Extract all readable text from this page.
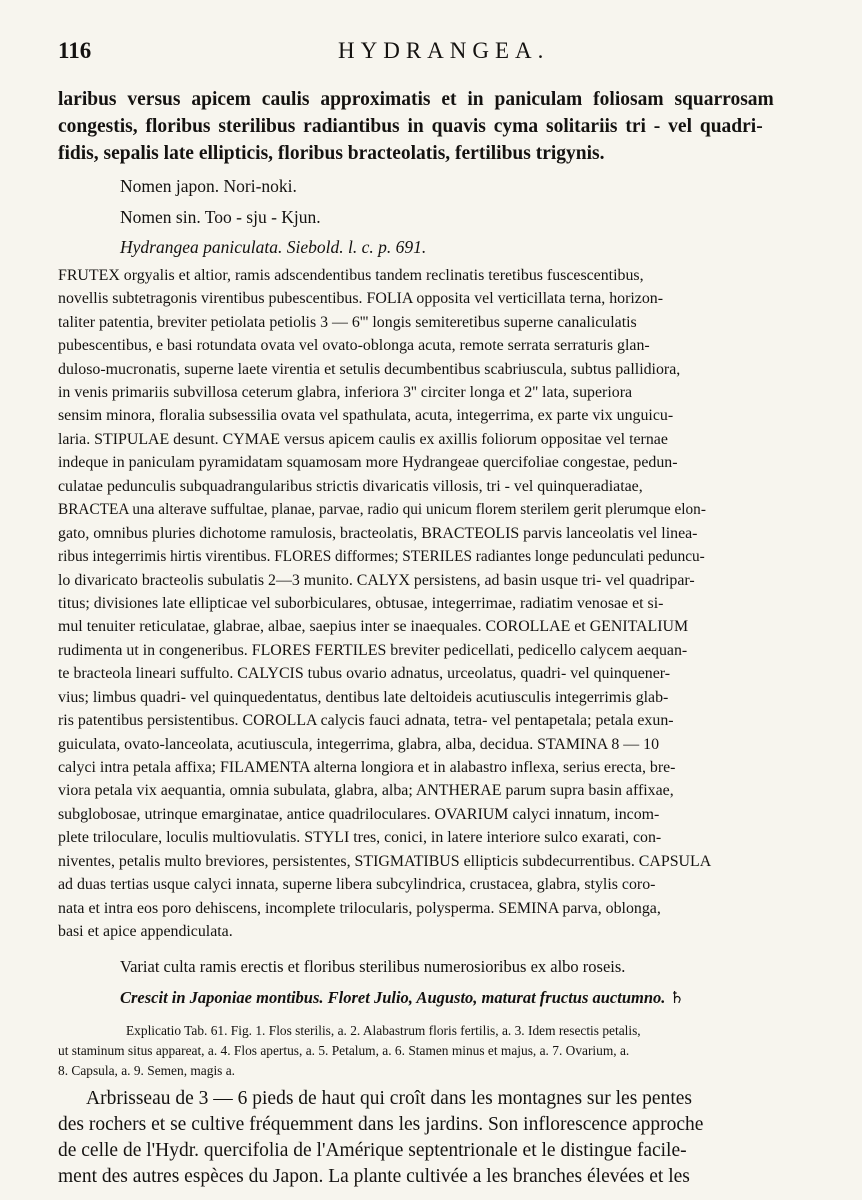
116	HYDRANGEA.
laribus versus apicem caulis approximatis et in paniculam foliosam squarrosam
congestis, floribus sterilibus radiantibus in quavis cyma solitariis tri - vel quadri-
fidis, sepalis late ellipticis, floribus bracteolatis, fertilibus trigynis.
Nomen japon. Nori-noki.
Nomen sin. Too - sju - Kjun.
Hydrangea paniculata. Siebold. l. c. p. 691.
FRUTEX orgyalis et altior, ramis adscendentibus tandem reclinatis teretibus fuscescentibus,
novellis subtetragonis virentibus pubescentibus. FOLIA opposita vel verticillata terna, horizon-
taliter patentia, breviter petiolata petiolis 3 — 6''' longis semiteretibus superne canaliculatis
pubescentibus, e basi rotundata ovata vel ovato-oblonga acuta, remote serrata serraturis glan-
duloso-mucronatis, superne laete virentia et setulis decumbentibus scabriuscula, subtus pallidiora,
in venis primariis subvillosa ceterum glabra, inferiora 3'' circiter longa et 2'' lata, superiora
sensim minora, floralia subsessilia ovata vel spathulata, acuta, integerrima, ex parte vix unguicu-
laria. STIPULAE desunt. CYMAE versus apicem caulis ex axillis foliorum oppositae vel ternae
indeque in paniculam pyramidatam squamosam more Hydrangeae quercifoliae congestae, pedun-
culatae pedunculis subquadrangularibus strictis divaricatis villosis, tri - vel quinqueradiatae,
BRACTEA una alterave suffultae, planae, parvae, radio qui unicum florem sterilem gerit plerumque elon-
gato, omnibus pluries dichotome ramulosis, bracteolatis, BRACTEOLIS parvis lanceolatis vel linea-
ribus integerrimis hirtis virentibus. FLORES difformes; STERILES radiantes longe pedunculati peduncu-
lo divaricato bracteolis subulatis 2—3 munito. CALYX persistens, ad basin usque tri- vel quadripar-
titus; divisiones late ellipticae vel suborbiculares, obtusae, integerrimae, radiatim venosae et si-
mul tenuiter reticulatae, glabrae, albae, saepius inter se inaequales. COROLLAE et GENITALIUM
rudimenta ut in congeneribus. FLORES FERTILES breviter pedicellati, pedicello calycem aequan-
te bracteola lineari suffulto. CALYCIS tubus ovario adnatus, urceolatus, quadri- vel quinquener-
vius; limbus quadri- vel quinquedentatus, dentibus late deltoideis acutiusculis integerrimis glab-
ris patentibus persistentibus. COROLLA calycis fauci adnata, tetra- vel pentapetala; petala exun-
guiculata, ovato-lanceolata, acutiuscula, integerrima, glabra, alba, decidua. STAMINA 8 — 10
calyci intra petala affixa; FILAMENTA alterna longiora et in alabastro inflexa, serius erecta, bre-
viora petala vix aequantia, omnia subulata, glabra, alba; ANTHERAE parum supra basin affixae,
subglobosae, utrinque emarginatae, antice quadriloculares. OVARIUM calyci innatum, incom-
plete triloculare, loculis multiovulatis. STYLI tres, conici, in latere interiore sulco exarati, con-
niventes, petalis multo breviores, persistentes, STIGMATIBUS ellipticis subdecurrentibus. CAPSULA
ad duas tertias usque calyci innata, superne libera subcylindrica, crustacea, glabra, stylis coro-
nata et intra eos poro dehiscens, incomplete trilocularis, polysperma. SEMINA parva, oblonga,
basi et apice appendiculata.
Variat culta ramis erectis et floribus sterilibus numerosioribus ex albo roseis.
Crescit in Japoniae montibus. Floret Julio, Augusto, maturat fructus auctumno. ♄
Explicatio Tab. 61. Fig. 1. Flos sterilis, a. 2. Alabastrum floris fertilis, a. 3. Idem resectis petalis,
ut staminum situs appareat, a. 4. Flos apertus, a. 5. Petalum, a. 6. Stamen minus et majus, a. 7. Ovarium, a.
8. Capsula, a. 9. Semen, magis a.
Arbrisseau de 3 — 6 pieds de haut qui croît dans les montagnes sur les pentes
des rochers et se cultive fréquemment dans les jardins. Son inflorescence approche
de celle de l'Hydr. quercifolia de l'Amérique septentrionale et le distingue facile-
ment des autres espèces du Japon. La plante cultivée a les branches élevées et les
